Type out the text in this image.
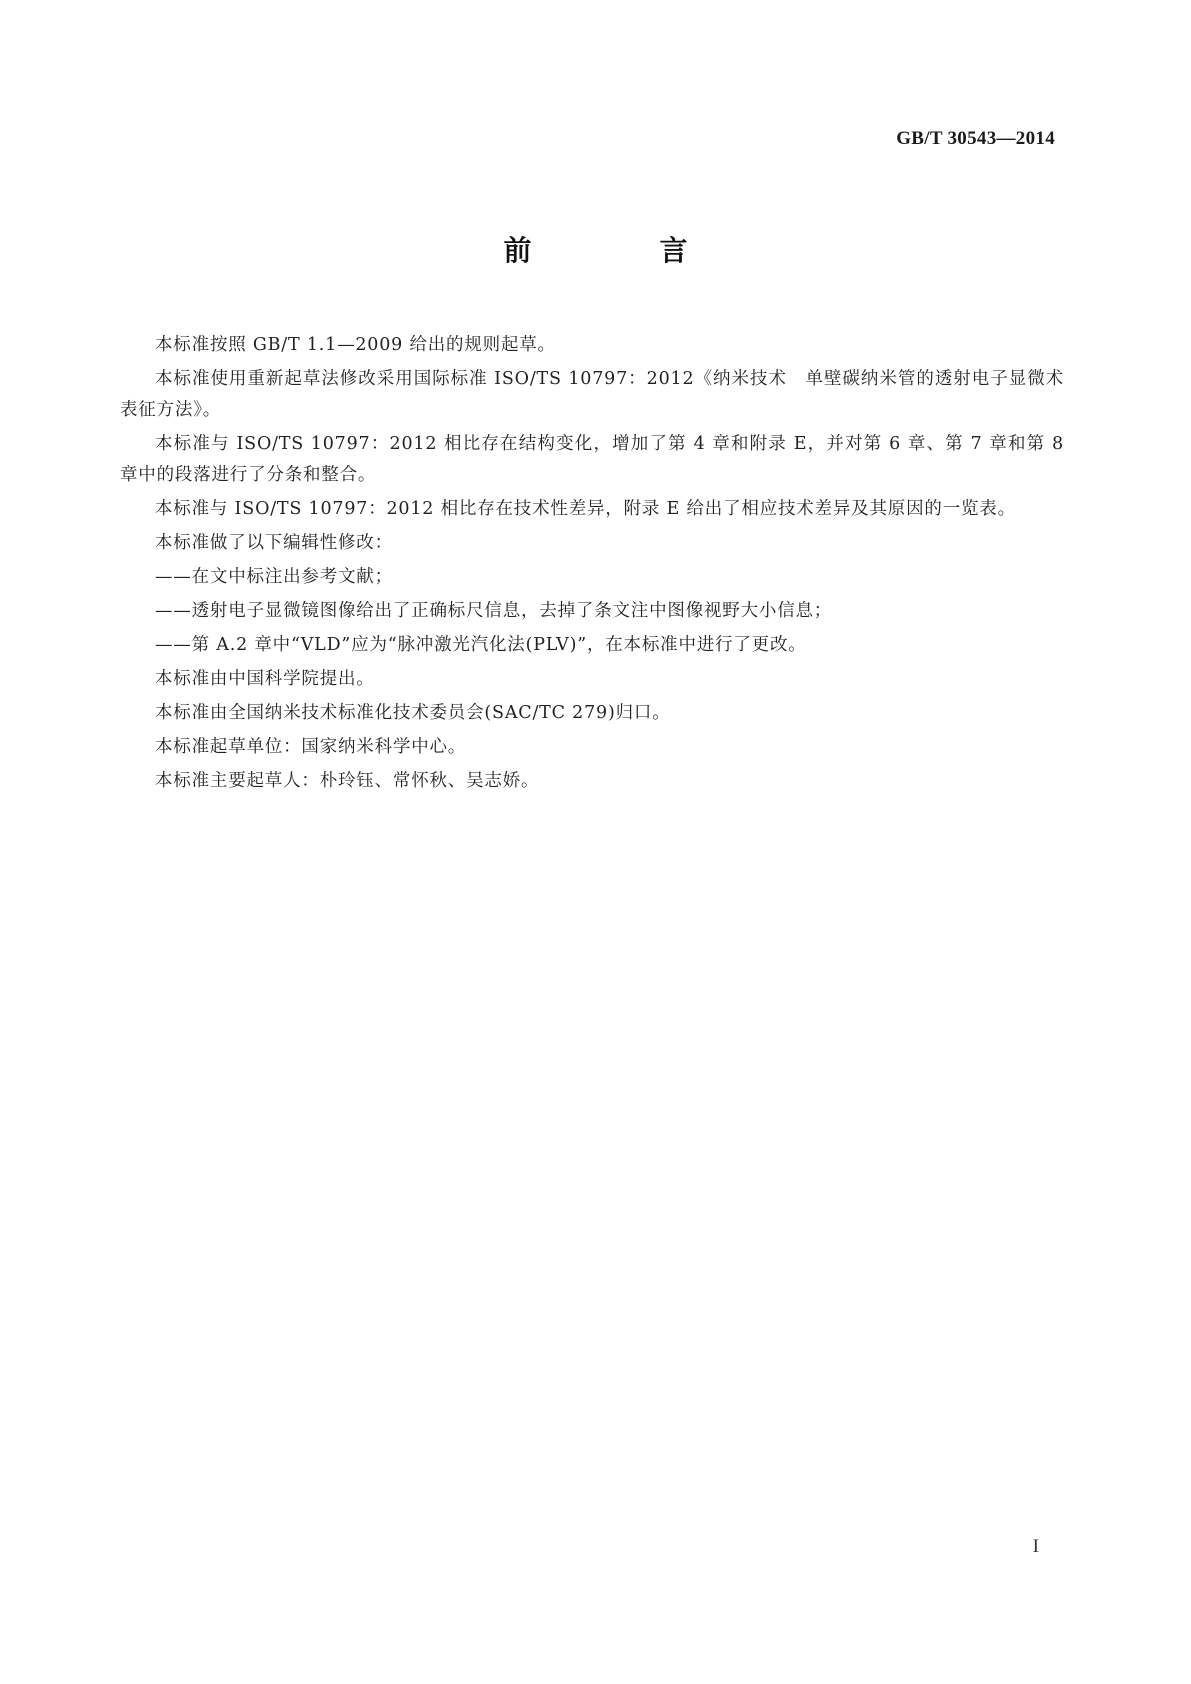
GB/T 30543—2014
前　言

本标准按照 GB/T 1.1—2009 给出的规则起草。

本标准使用重新起草法修改采用国际标准 ISO/TS 10797：2012《纳米技术　单壁碳纳米管的透射电子显微术表征方法》。

本标准与 ISO/TS 10797：2012 相比存在结构变化，增加了第 4 章和附录 E，并对第 6 章、第 7 章和第 8 章中的段落进行了分条和整合。

本标准与 ISO/TS 10797：2012 相比存在技术性差异，附录 E 给出了相应技术差异及其原因的一览表。

本标准做了以下编辑性修改：

——在文中标注出参考文献；

——透射电子显微镜图像给出了正确标尺信息，去掉了条文注中图像视野大小信息；

——第 A.2 章中“VLD”应为“脉冲激光汽化法(PLV)”，在本标准中进行了更改。

本标准由中国科学院提出。

本标准由全国纳米技术标准化技术委员会(SAC/TC 279)归口。

本标准起草单位：国家纳米科学中心。

本标准主要起草人：朴玲钰、常怀秋、吴志娇。

I
